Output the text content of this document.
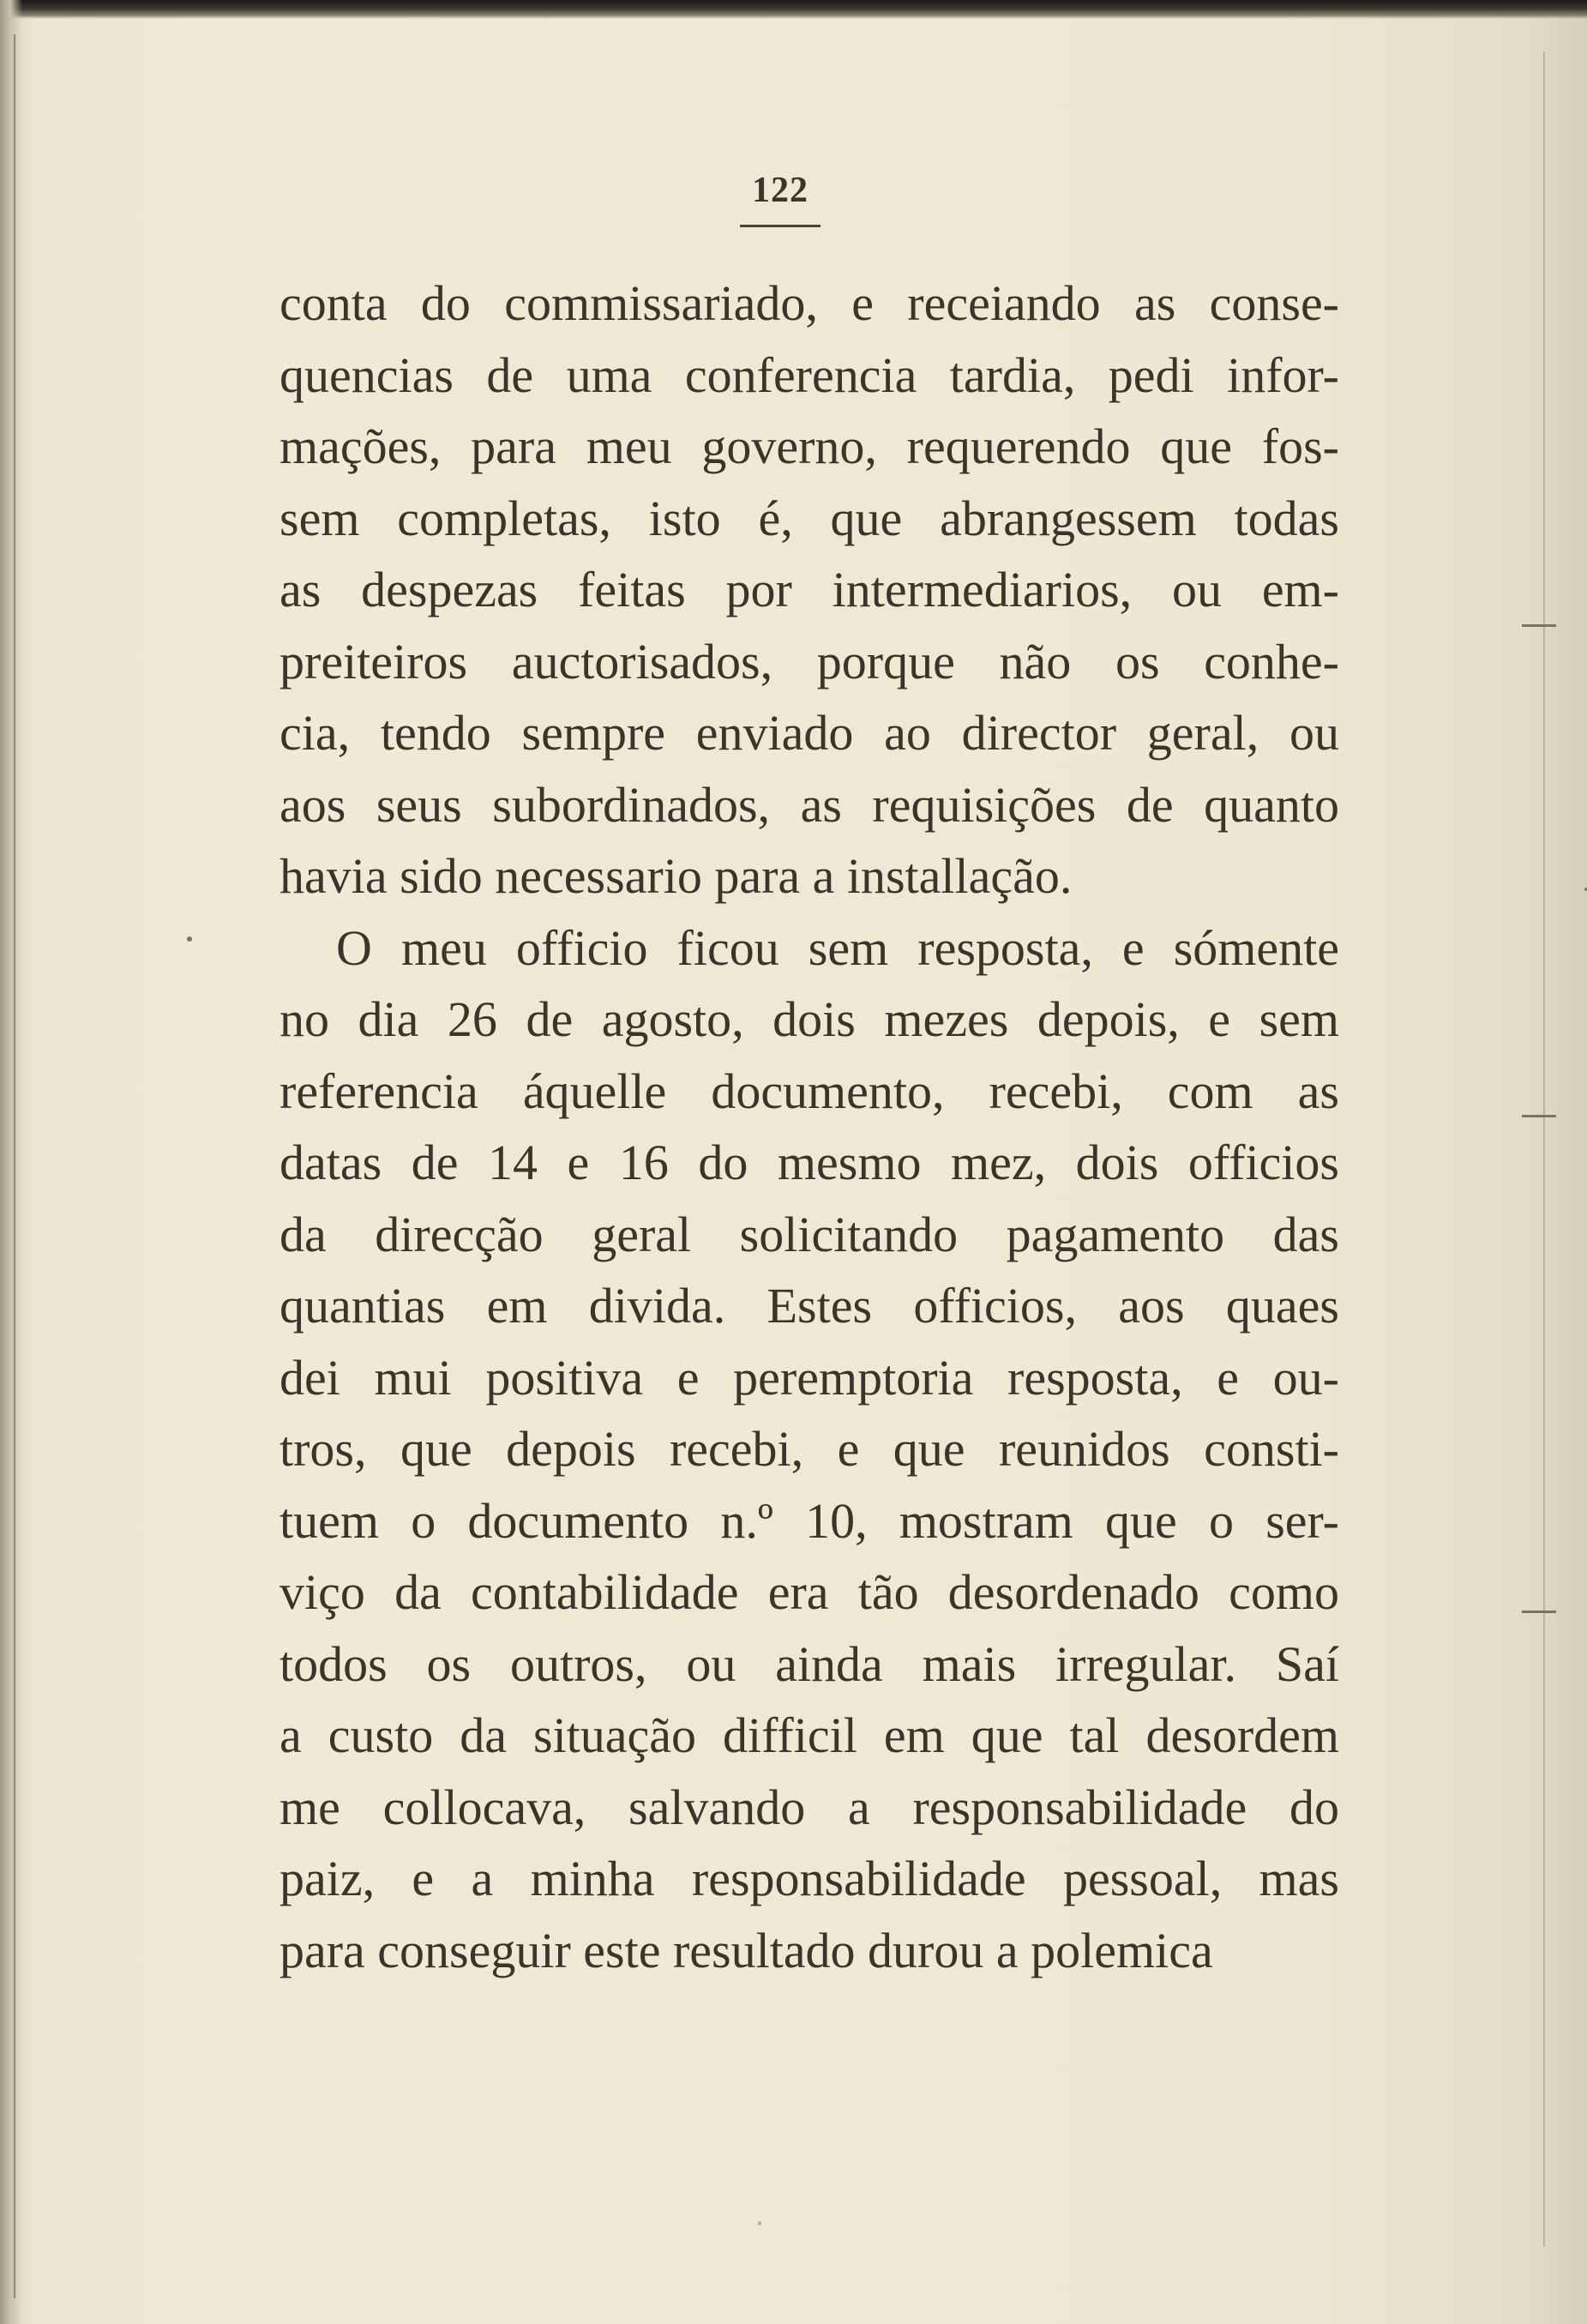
122
conta do commissariado, e receiando as conse-
quencias de uma conferencia tardia, pedi infor-
mações, para meu governo, requerendo que fos-
sem completas, isto é, que abrangessem todas
as despezas feitas por intermediarios, ou em-
preiteiros auctorisados, porque não os conhe-
cia, tendo sempre enviado ao director geral, ou
aos seus subordinados, as requisições de quanto
havia sido necessario para a installação.
O meu officio ficou sem resposta, e sómente
no dia 26 de agosto, dois mezes depois, e sem
referencia áquelle documento, recebi, com as
datas de 14 e 16 do mesmo mez, dois officios
da direcção geral solicitando pagamento das
quantias em divida. Estes officios, aos quaes
dei mui positiva e peremptoria resposta, e ou-
tros, que depois recebi, e que reunidos consti-
tuem o documento n.º 10, mostram que o ser-
viço da contabilidade era tão desordenado como
todos os outros, ou ainda mais irregular. Saí
a custo da situação difficil em que tal desordem
me collocava, salvando a responsabilidade do
paiz, e a minha responsabilidade pessoal, mas
para conseguir este resultado durou a polemica
